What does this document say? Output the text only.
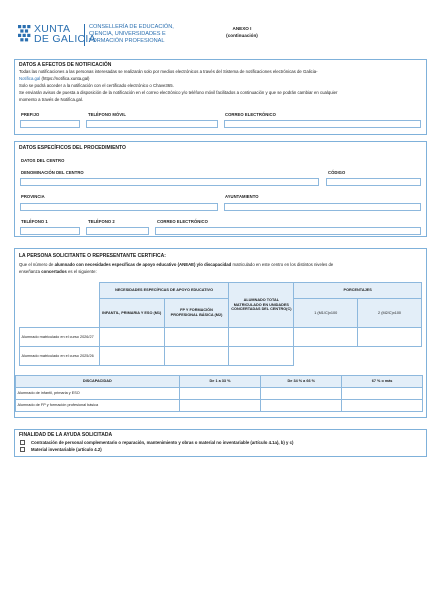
XUNTA
DE GALICIA
CONSELLERÍA DE EDUCACIÓN,
CIENCIA, UNIVERSIDADES E
FORMACIÓN PROFESIONAL
ANEXO I
(continuación)
DATOS A EFECTOS DE NOTIFICACIÓN
Todas las notificaciones a las personas interesadas se realizarán solo por medios electrónicos a través del Sistema de notificaciones electrónicas de Galicia-
Notifica.gal (https://notifica.xunta.gal)
Solo se podrá acceder a la notificación con el certificado electrónico o Chave365.
Se enviarán avisos de puesta a disposición de la notificación en el correo electrónico y/o teléfono móvil facilitados a continuación y que se podrán cambiar en cualquier
momento a través de Notifica.gal.
PREFIJO	TELÉFONO MÓVIL	CORREO ELECTRÓNICO
DATOS ESPECÍFICOS DEL PROCEDIMIENTO
DATOS DEL CENTRO
DENOMINACIÓN DEL CENTRO	CÓDIGO
PROVINCIA	AYUNTAMIENTO
TELÉFONO 1	TELÉFONO 2	CORREO ELECTRÓNICO
LA PERSONA SOLICITANTE O REPRESENTANTE CERTIFICA:
Que el número de alumnado con necesidades específicas de apoyo educativo (ANEAE) y/o discapacidad matriculado en este centro en los distintos niveles de
enseñanza concertados es el siguiente:
	NECESIDADES ESPECÍFICAS DE APOYO EDUCATIVO		ALUMNADO TOTAL MATRICULADO EN UNIDADES CONCERTADAS DEL CENTRO(C)	PORCENTAJES	
	INFANTIL, PRIMARIA Y ESO (M1)	FP Y FORMACIÓN PROFESIONAL BÁSICA (M2)		1 (M1/C)x100	2 (M2/C)x100
Alumnado matriculado en el curso 2026/27					
Alumnado matriculado en el curso 2025/26					
DISCAPACIDAD	De 1 a 33 %	De 34 % a 66 %	67 % o más
Alumnado de infantil, primaria y ESO			
Alumnado de FP y formación profesional básica			
FINALIDAD DE LA AYUDA SOLICITADA
Contratación de personal complementario o reparación, mantenimiento y obras o material no inventariable (artículo 4.1a), b) y c)
Material inventariable (artículo 4.2)
